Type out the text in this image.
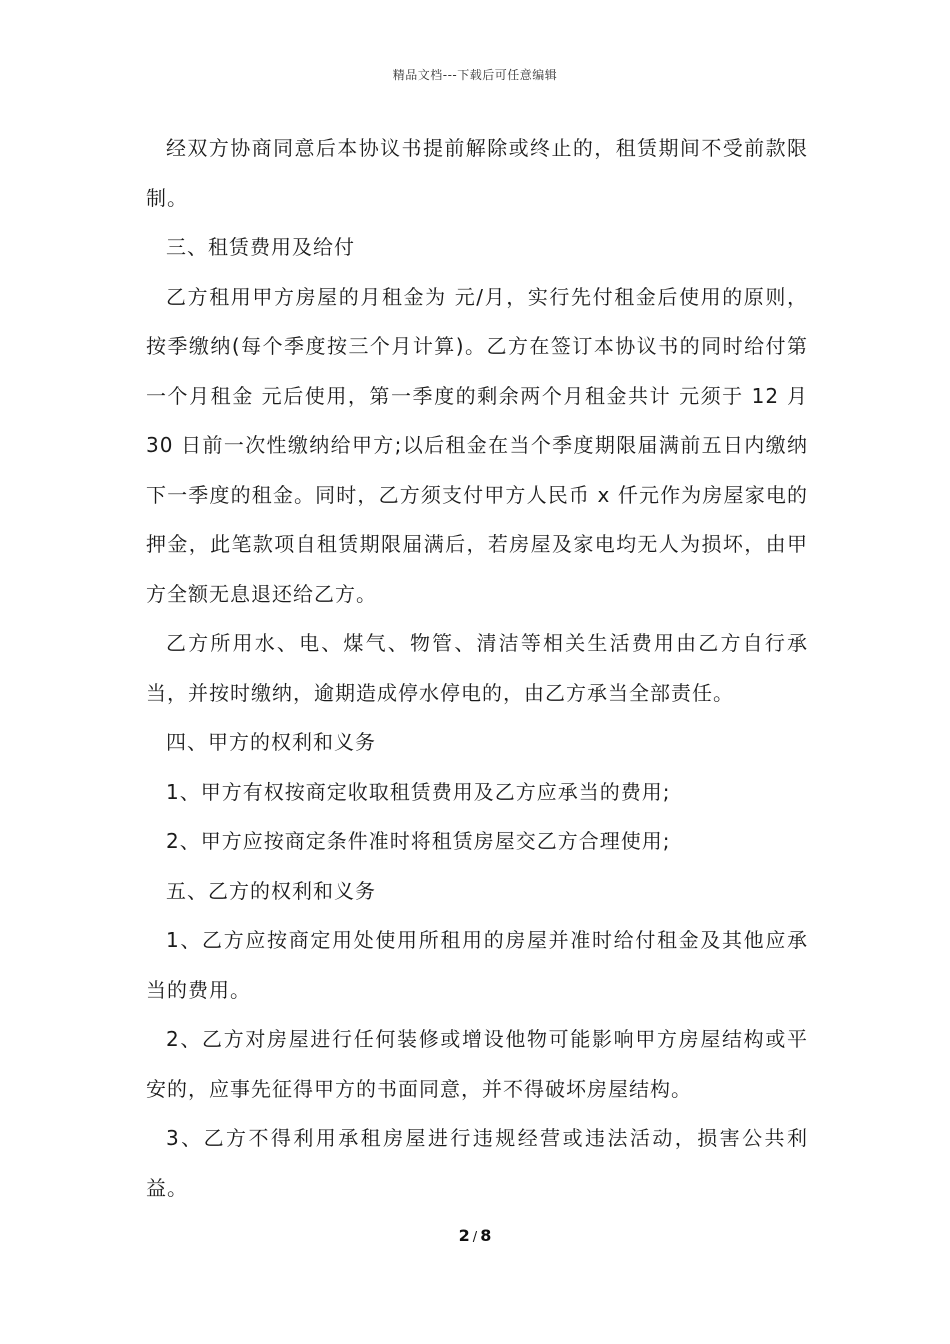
精品文档---下载后可任意编辑

经双方协商同意后本协议书提前解除或终止的，租赁期间不受前款限制。

三、租赁费用及给付

乙方租用甲方房屋的月租金为 元/月，实行先付租金后使用的原则，按季缴纳(每个季度按三个月计算)。乙方在签订本协议书的同时给付第一个月租金 元后使用，第一季度的剩余两个月租金共计 元须于 12 月 30 日前一次性缴纳给甲方;以后租金在当个季度期限届满前五日内缴纳下一季度的租金。同时，乙方须支付甲方人民币 x 仟元作为房屋家电的押金，此笔款项自租赁期限届满后，若房屋及家电均无人为损坏，由甲方全额无息退还给乙方。

乙方所用水、电、煤气、物管、清洁等相关生活费用由乙方自行承当，并按时缴纳，逾期造成停水停电的，由乙方承当全部责任。

四、甲方的权利和义务

1、甲方有权按商定收取租赁费用及乙方应承当的费用;

2、甲方应按商定条件准时将租赁房屋交乙方合理使用;

五、乙方的权利和义务

1、乙方应按商定用处使用所租用的房屋并准时给付租金及其他应承当的费用。

2、乙方对房屋进行任何装修或增设他物可能影响甲方房屋结构或平安的，应事先征得甲方的书面同意，并不得破坏房屋结构。

3、乙方不得利用承租房屋进行违规经营或违法活动，损害公共利益。

2 / 8
